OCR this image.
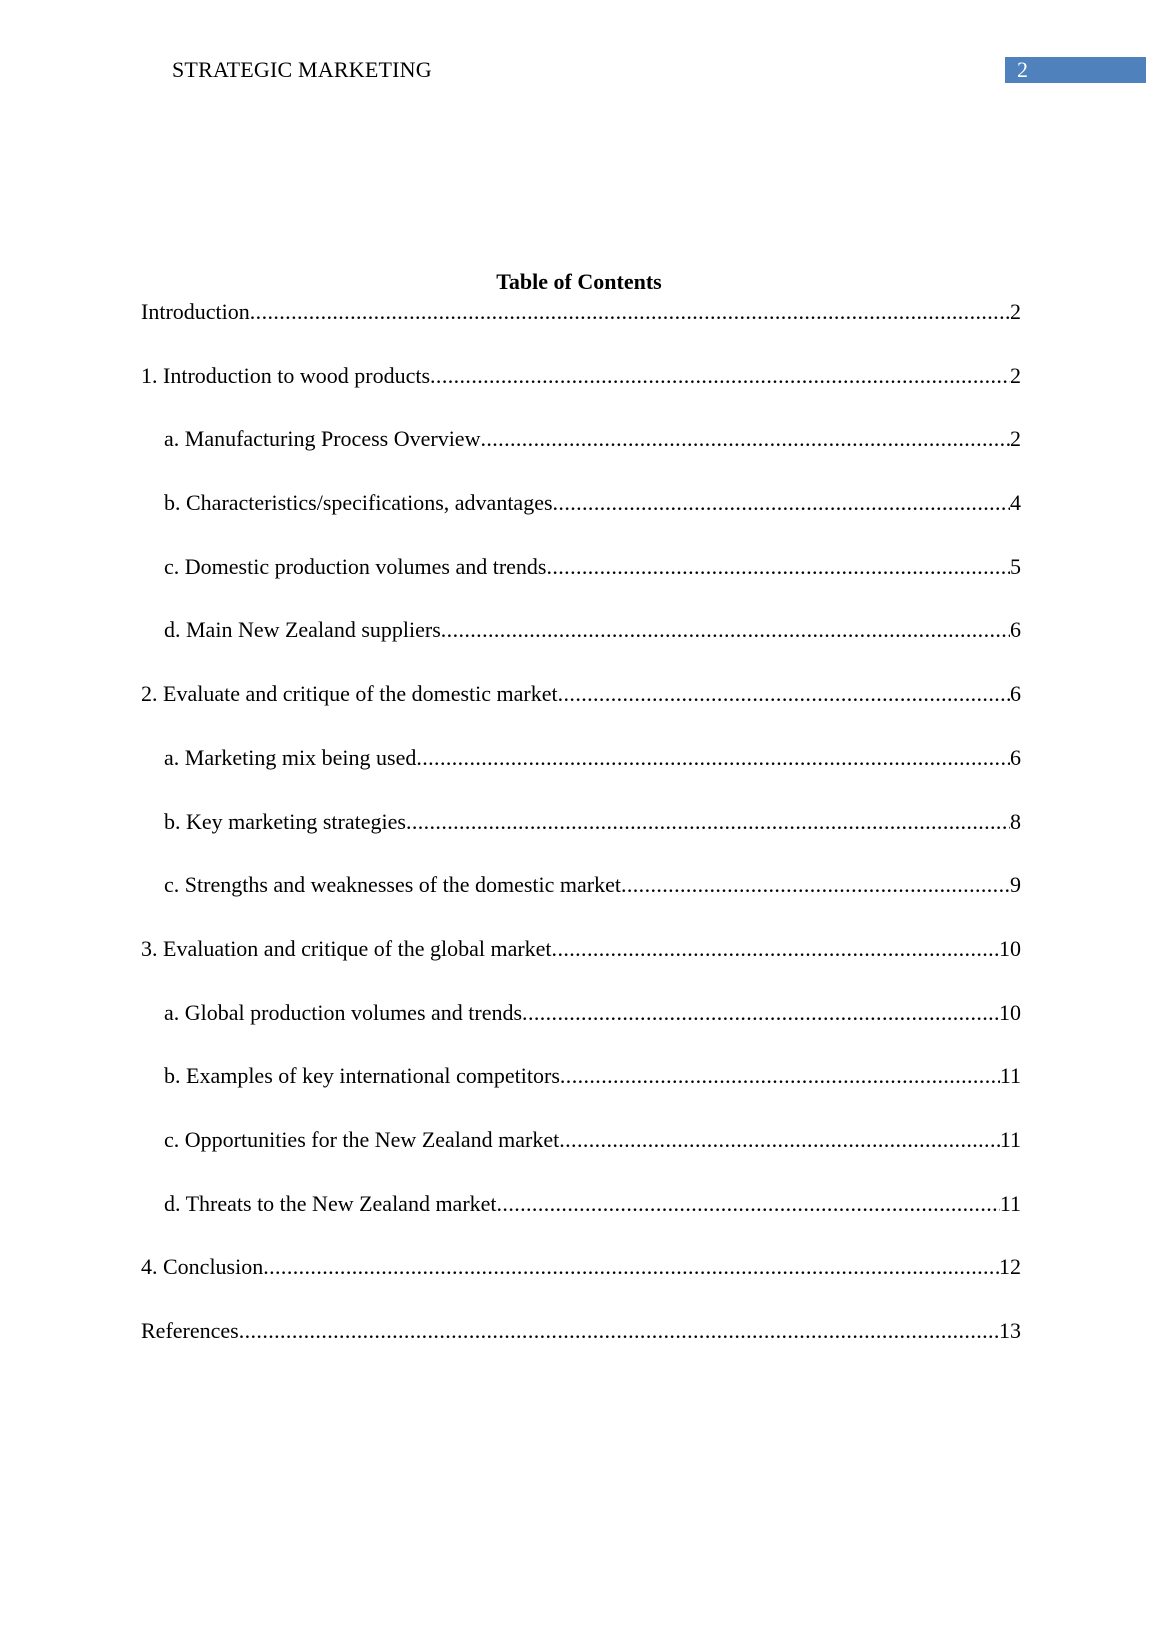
STRATEGIC MARKETING	2
Table of Contents
Introduction .....	2
1. Introduction to wood products .....	2
a. Manufacturing Process Overview .....	2
b. Characteristics/specifications, advantages .....	4
c. Domestic production volumes and trends .....	5
d. Main New Zealand suppliers .....	6
2. Evaluate and critique of the domestic market .....	6
a. Marketing mix being used .....	6
b. Key marketing strategies .....	8
c. Strengths and weaknesses of the domestic market .....	9
3. Evaluation and critique of the global market .....	10
a. Global production volumes and trends .....	10
b. Examples of key international competitors .....	11
c. Opportunities for the New Zealand market .....	11
d. Threats to the New Zealand market .....	11
4. Conclusion .....	12
References .....	13
